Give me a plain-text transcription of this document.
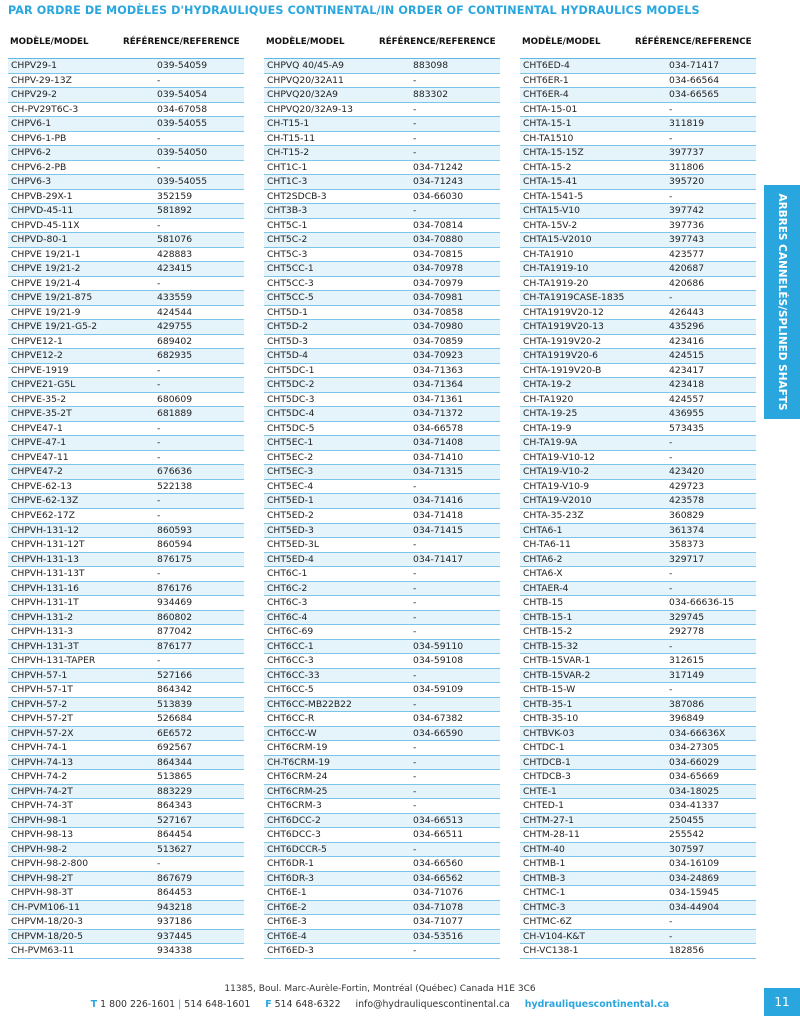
PAR ORDRE DE MODÈLES D'HYDRAULIQUES CONTINENTAL/IN ORDER OF CONTINENTAL HYDRAULICS MODELS
MODÈLE/MODEL	RÉFÉRENCE/REFERENCE
CHPV29-1	039-54059
CHPV-29-13Z	-
CHPV29-2	039-54054
CH-PV29T6C-3	034-67058
CHPV6-1	039-54055
CHPV6-1-PB	-
CHPV6-2	039-54050
CHPV6-2-PB	-
CHPV6-3	039-54055
CHPVB-29X-1	352159
CHPVD-45-11	581892
CHPVD-45-11X	-
CHPVD-80-1	581076
CHPVE 19/21-1	428883
CHPVE 19/21-2	423415
CHPVE 19/21-4	-
CHPVE 19/21-875	433559
CHPVE 19/21-9	424544
CHPVE 19/21-G5-2	429755
CHPVE12-1	689402
CHPVE12-2	682935
CHPVE-1919	-
CHPVE21-G5L	-
CHPVE-35-2	680609
CHPVE-35-2T	681889
CHPVE47-1	-
CHPVE-47-1	-
CHPVE47-11	-
CHPVE47-2	676636
CHPVE-62-13	522138
CHPVE-62-13Z	-
CHPVE62-17Z	-
CHPVH-131-12	860593
CHPVH-131-12T	860594
CHPVH-131-13	876175
CHPVH-131-13T	-
CHPVH-131-16	876176
CHPVH-131-1T	934469
CHPVH-131-2	860802
CHPVH-131-3	877042
CHPVH-131-3T	876177
CHPVH-131-TAPER	-
CHPVH-57-1	527166
CHPVH-57-1T	864342
CHPVH-57-2	513839
CHPVH-57-2T	526684
CHPVH-57-2X	6E6572
CHPVH-74-1	692567
CHPVH-74-13	864344
CHPVH-74-2	513865
CHPVH-74-2T	883229
CHPVH-74-3T	864343
CHPVH-98-1	527167
CHPVH-98-13	864454
CHPVH-98-2	513627
CHPVH-98-2-800	-
CHPVH-98-2T	867679
CHPVH-98-3T	864453
CH-PVM106-11	943218
CHPVM-18/20-3	937186
CHPVM-18/20-5	937445
CH-PVM63-11	934338
MODÈLE/MODEL	RÉFÉRENCE/REFERENCE
CHPVQ 40/45-A9	883098
CHPVQ20/32A11	-
CHPVQ20/32A9	883302
CHPVQ20/32A9-13	-
CH-T15-1	-
CH-T15-11	-
CH-T15-2	-
CHT1C-1	034-71242
CHT1C-3	034-71243
CHT2SDCB-3	034-66030
CHT3B-3	-
CHT5C-1	034-70814
CHT5C-2	034-70880
CHT5C-3	034-70815
CHT5CC-1	034-70978
CHT5CC-3	034-70979
CHT5CC-5	034-70981
CHT5D-1	034-70858
CHT5D-2	034-70980
CHT5D-3	034-70859
CHT5D-4	034-70923
CHT5DC-1	034-71363
CHT5DC-2	034-71364
CHT5DC-3	034-71361
CHT5DC-4	034-71372
CHT5DC-5	034-66578
CHT5EC-1	034-71408
CHT5EC-2	034-71410
CHT5EC-3	034-71315
CHT5EC-4	-
CHT5ED-1	034-71416
CHT5ED-2	034-71418
CHT5ED-3	034-71415
CHT5ED-3L	-
CHT5ED-4	034-71417
CHT6C-1	-
CHT6C-2	-
CHT6C-3	-
CHT6C-4	-
CHT6C-69	-
CHT6CC-1	034-59110
CHT6CC-3	034-59108
CHT6CC-33	-
CHT6CC-5	034-59109
CHT6CC-MB22B22	-
CHT6CC-R	034-67382
CHT6CC-W	034-66590
CHT6CRM-19	-
CH-T6CRM-19	-
CHT6CRM-24	-
CHT6CRM-25	-
CHT6CRM-3	-
CHT6DCC-2	034-66513
CHT6DCC-3	034-66511
CHT6DCCR-5	-
CHT6DR-1	034-66560
CHT6DR-3	034-66562
CHT6E-1	034-71076
CHT6E-2	034-71078
CHT6E-3	034-71077
CHT6E-4	034-53516
CHT6ED-3	-
MODÈLE/MODEL	RÉFÉRENCE/REFERENCE
CHT6ED-4	034-71417
CHT6ER-1	034-66564
CHT6ER-4	034-66565
CHTA-15-01	-
CHTA-15-1	311819
CH-TA1510	-
CHTA-15-15Z	397737
CHTA-15-2	311806
CHTA-15-41	395720
CHTA-1541-5	-
CHTA15-V10	397742
CHTA-15V-2	397736
CHTA15-V2010	397743
CH-TA1910	423577
CH-TA1919-10	420687
CH-TA1919-20	420686
CH-TA1919CASE-1835	-
CHTA1919V20-12	426443
CHTA1919V20-13	435296
CHTA-1919V20-2	423416
CHTA1919V20-6	424515
CHTA-1919V20-B	423417
CHTA-19-2	423418
CH-TA1920	424557
CHTA-19-25	436955
CHTA-19-9	573435
CH-TA19-9A	-
CHTA19-V10-12	-
CHTA19-V10-2	423420
CHTA19-V10-9	429723
CHTA19-V2010	423578
CHTA-35-23Z	360829
CHTA6-1	361374
CH-TA6-11	358373
CHTA6-2	329717
CHTA6-X	-
CHTAER-4	-
CHTB-15	034-66636-15
CHTB-15-1	329745
CHTB-15-2	292778
CHTB-15-32	-
CHTB-15VAR-1	312615
CHTB-15VAR-2	317149
CHTB-15-W	-
CHTB-35-1	387086
CHTB-35-10	396849
CHTBVK-03	034-66636X
CHTDC-1	034-27305
CHTDCB-1	034-66029
CHTDCB-3	034-65669
CHTE-1	034-18025
CHTED-1	034-41337
CHTM-27-1	250455
CHTM-28-11	255542
CHTM-40	307597
CHTMB-1	034-16109
CHTMB-3	034-24869
CHTMC-1	034-15945
CHTMC-3	034-44904
CHTMC-6Z	-
CH-V104-K&T	-
CH-VC138-1	182856
ARBRES CANNELÉS/SPLINED SHAFTS
11385, Boul. Marc-Aurèle-Fortin, Montréal (Québec) Canada H1E 3C6
T 1 800 226-1601 | 514 648-1601 F 514 648-6322 info@hydrauliquescontinental.ca hydrauliquescontinental.ca	11
